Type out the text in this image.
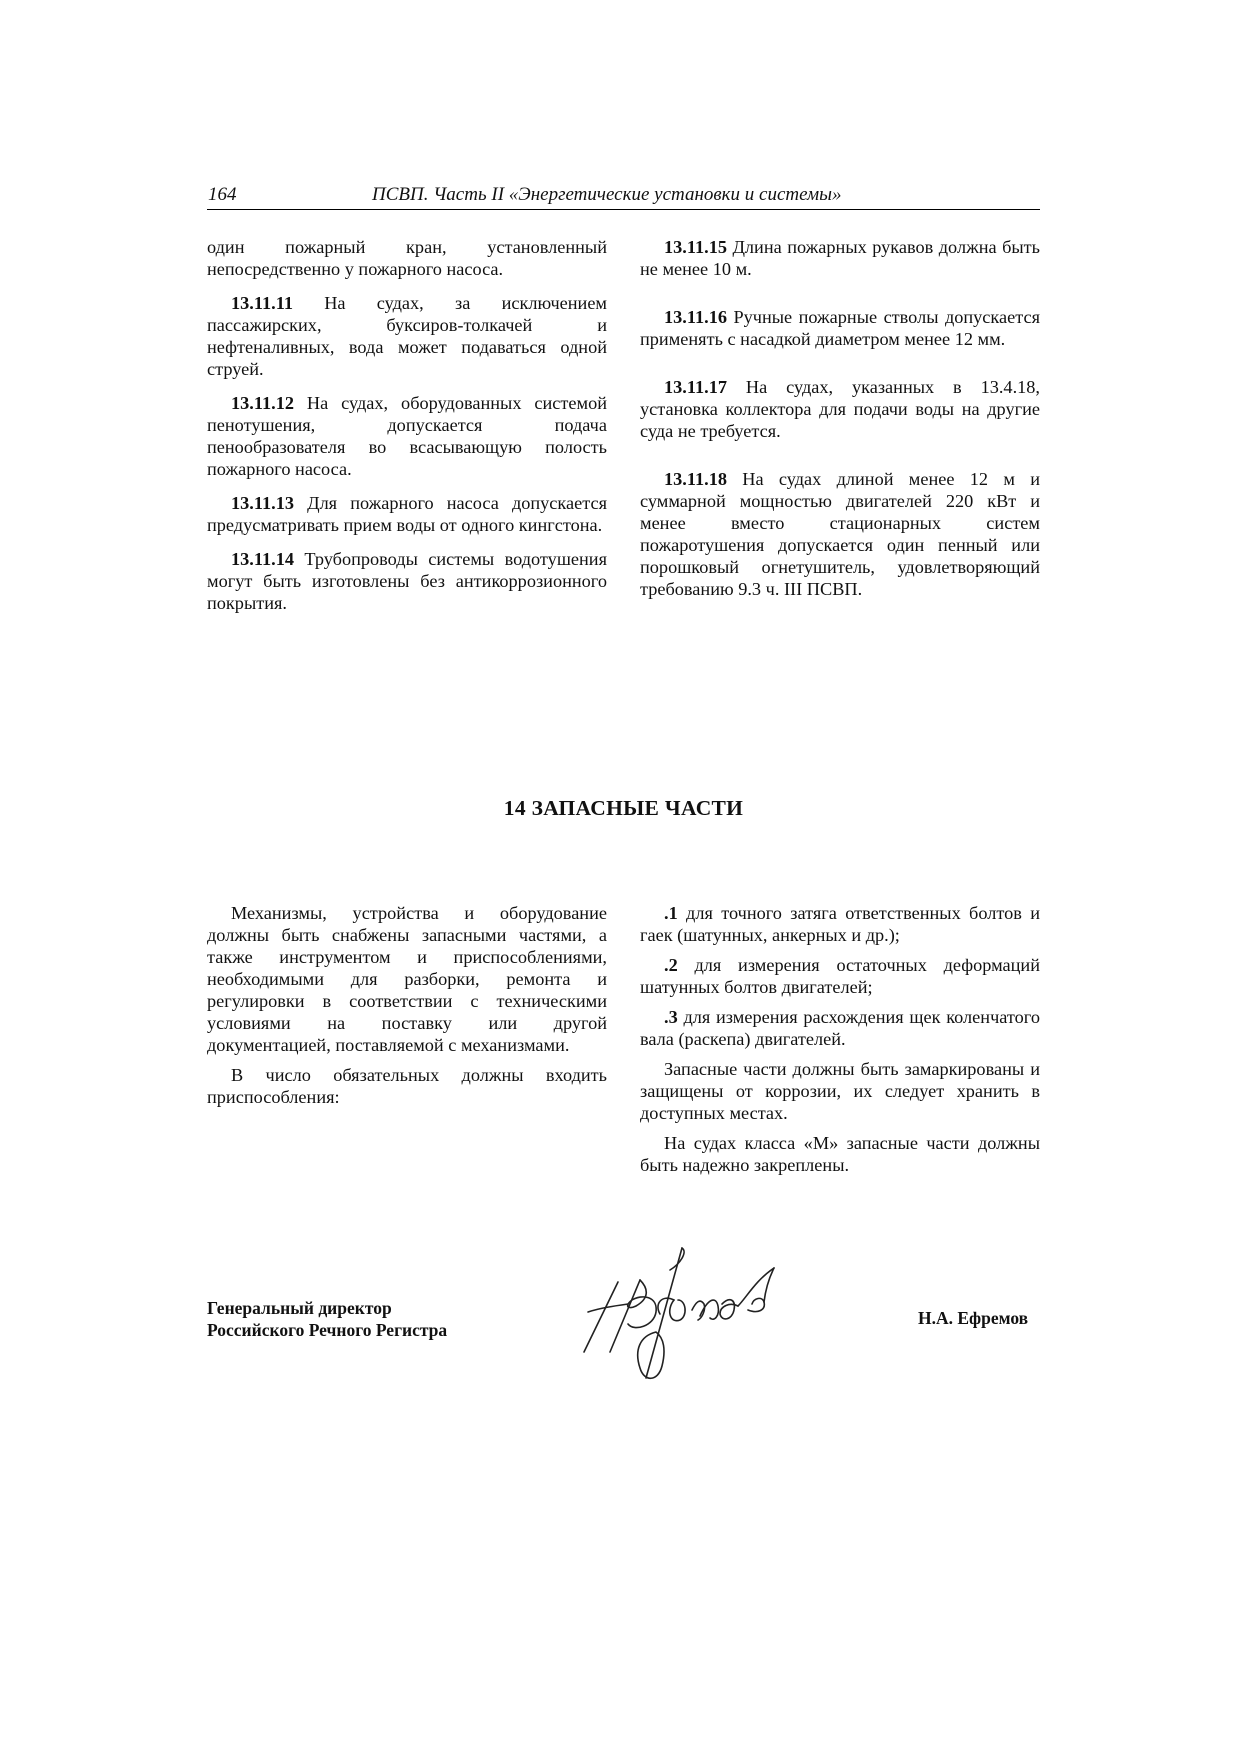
164	ПСВП. Часть II «Энергетические установки и системы»

один пожарный кран, установленный непосредственно у пожарного насоса.

13.11.11 На судах, за исключением пассажирских, буксиров-толкачей и нефтеналивных, вода может подаваться одной струей.

13.11.12 На судах, оборудованных системой пенотушения, допускается подача пенообразователя во всасывающую полость пожарного насоса.

13.11.13 Для пожарного насоса допускается предусматривать прием воды от одного кингстона.

13.11.14 Трубопроводы системы водотушения могут быть изготовлены без антикоррозионного покрытия.

13.11.15 Длина пожарных рукавов должна быть не менее 10 м.

13.11.16 Ручные пожарные стволы допускается применять с насадкой диаметром менее 12 мм.

13.11.17 На судах, указанных в 13.4.18, установка коллектора для подачи воды на другие суда не требуется.

13.11.18 На судах длиной менее 12 м и суммарной мощностью двигателей 220 кВт и менее вместо стационарных систем пожаротушения допускается один пенный или порошковый огнетушитель, удовлетворяющий требованию 9.3 ч. III ПСВП.

14 ЗАПАСНЫЕ ЧАСТИ

Механизмы, устройства и оборудование должны быть снабжены запасными частями, а также инструментом и приспособлениями, необходимыми для разборки, ремонта и регулировки в соответствии с техническими условиями на поставку или другой документацией, поставляемой с механизмами.

В число обязательных должны входить приспособления:

.1 для точного затяга ответственных болтов и гаек (шатунных, анкерных и др.);

.2 для измерения остаточных деформаций шатунных болтов двигателей;

.3 для измерения расхождения щек коленчатого вала (раскепа) двигателей.

Запасные части должны быть замаркированы и защищены от коррозии, их следует хранить в доступных местах.

На судах класса «М» запасные части должны быть надежно закреплены.

Генеральный директор
Российского Речного Регистра
Н.А. Ефремов
